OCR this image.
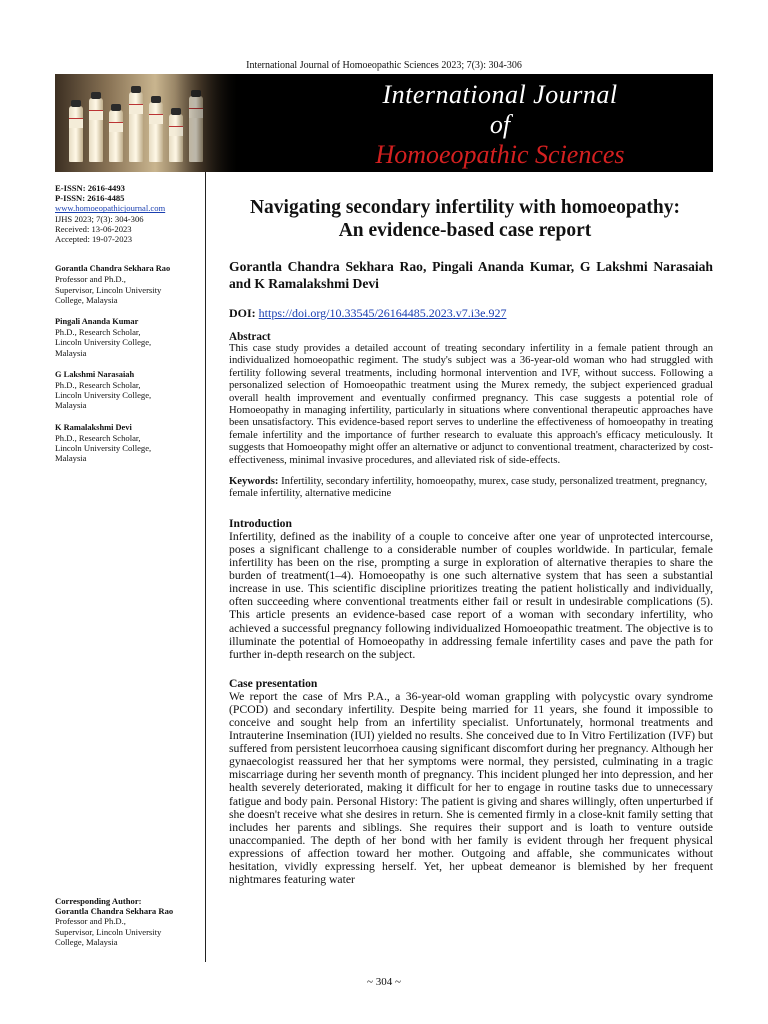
International Journal of Homoeopathic Sciences 2023; 7(3): 304-306
International Journal
of
Homoeopathic Sciences
E-ISSN: 2616-4493
P-ISSN: 2616-4485
www.homoeopathicjournal.com
IJHS 2023; 7(3): 304-306
Received: 13-06-2023
Accepted: 19-07-2023
Gorantla Chandra Sekhara Rao
Professor and Ph.D.,
Supervisor, Lincoln University
College, Malaysia
Pingali Ananda Kumar
Ph.D., Research Scholar,
Lincoln University College,
Malaysia
G Lakshmi Narasaiah
Ph.D., Research Scholar,
Lincoln University College,
Malaysia
K Ramalakshmi Devi
Ph.D., Research Scholar,
Lincoln University College,
Malaysia
Corresponding Author:
Gorantla Chandra Sekhara Rao
Professor and Ph.D.,
Supervisor, Lincoln University
College, Malaysia
Navigating secondary infertility with homoeopathy:
An evidence-based case report
Gorantla Chandra Sekhara Rao, Pingali Ananda Kumar, G Lakshmi Narasaiah and K Ramalakshmi Devi
DOI: https://doi.org/10.33545/26164485.2023.v7.i3e.927
Abstract
This case study provides a detailed account of treating secondary infertility in a female patient through an individualized homoeopathic regiment. The study's subject was a 36-year-old woman who had struggled with fertility following several treatments, including hormonal intervention and IVF, without success. Following a personalized selection of Homoeopathic treatment using the Murex remedy, the subject experienced gradual overall health improvement and eventually confirmed pregnancy. This case suggests a potential role of Homoeopathy in managing infertility, particularly in situations where conventional therapeutic approaches have been unsatisfactory. This evidence-based report serves to underline the effectiveness of homoeopathy in treating female infertility and the importance of further research to evaluate this approach's efficacy meticulously. It suggests that Homoeopathy might offer an alternative or adjunct to conventional treatment, characterized by cost-effectiveness, minimal invasive procedures, and alleviated risk of side-effects.
Keywords: Infertility, secondary infertility, homoeopathy, murex, case study, personalized treatment, pregnancy, female infertility, alternative medicine
Introduction
Infertility, defined as the inability of a couple to conceive after one year of unprotected intercourse, poses a significant challenge to a considerable number of couples worldwide. In particular, female infertility has been on the rise, prompting a surge in exploration of alternative therapies to share the burden of treatment(1–4). Homoeopathy is one such alternative system that has seen a substantial increase in use. This scientific discipline prioritizes treating the patient holistically and individually, often succeeding where conventional treatments either fail or result in undesirable complications (5). This article presents an evidence-based case report of a woman with secondary infertility, who achieved a successful pregnancy following individualized Homoeopathic treatment. The objective is to illuminate the potential of Homoeopathy in addressing female infertility cases and pave the path for further in-depth research on the subject.
Case presentation
We report the case of Mrs P.A., a 36-year-old woman grappling with polycystic ovary syndrome (PCOD) and secondary infertility. Despite being married for 11 years, she found it impossible to conceive and sought help from an infertility specialist. Unfortunately, hormonal treatments and Intrauterine Insemination (IUI) yielded no results. She conceived due to In Vitro Fertilization (IVF) but suffered from persistent leucorrhoea causing significant discomfort during her pregnancy. Although her gynaecologist reassured her that her symptoms were normal, they persisted, culminating in a tragic miscarriage during her seventh month of pregnancy. This incident plunged her into depression, and her health severely deteriorated, making it difficult for her to engage in routine tasks due to unnecessary fatigue and body pain. Personal History: The patient is giving and shares willingly, often unperturbed if she doesn't receive what she desires in return. She is cemented firmly in a close-knit family setting that includes her parents and siblings. She requires their support and is loath to venture outside unaccompanied. The depth of her bond with her family is evident through her frequent physical expressions of affection toward her mother. Outgoing and affable, she communicates without hesitation, vividly expressing herself. Yet, her upbeat demeanor is blemished by her frequent nightmares featuring water
~ 304 ~
